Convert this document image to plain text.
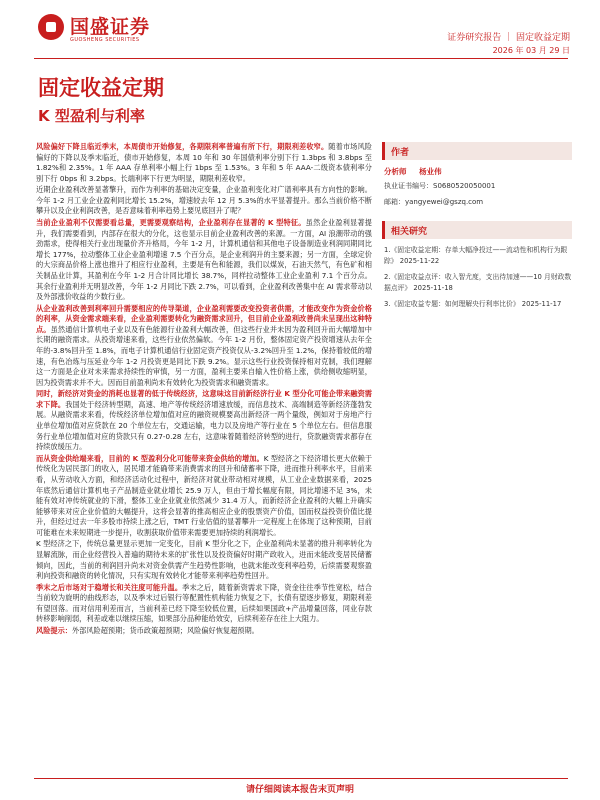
国盛证券
GUOSHENG SECURITIES	证券研究报告 ｜ 固定收益定期
2026 年 03 月 29 日
固定收益定期
K 型盈利与利率

风险偏好下降且临近季末，本周债市开始修复，各期限利率普遍有所下行，期限利差收窄。随着市场风险偏好的下降以及季末临近，债市开始修复，本周 10 年和 30 年国债利率分别下行 1.3bps 和 3.8bps 至 1.82%和 2.35%。1 年 AAA 存单利率小幅上行 1bps 至 1.53%。3 年和 5 年 AAA-二级资本债利率分别下行 0bps 和 3.2bps。长端利率下行更为明显，期限利差收窄。

近期企业盈利改善显著擎升，而作为利率的基础决定变量，企业盈利变化对广谱利率具有方向性的影响。今年 1-2 月工业企业盈利同比增长 15.2%，增速较去年 12 月 5.3%的水平显著提升。那么当前价格不断攀升以及企业利润改善，是否意味着利率趋势上要见底回升了呢？

当前企业盈利不仅需要看总量，更需要观察结构，企业盈利存在显著的 K 型特征。虽然企业盈利显著提升，我们需要看到，内部存在很大的分化，这也显示目前企业盈利改善的来源。一方面，AI 浪潮带动的强劲需求，使得相关行业出现量价齐升格局，今年 1-2 月，计算机通信和其他电子设备制造业利润同期同比增长 177%，拉动整体工业企业盈利增速 7.5 个百分点，是企业利润升的主要来源；另一方面，全球定价的大宗商品价格上涨也推升了相应行业盈利，主要是有色和能源，我们以煤炭，石油天然气，有色矿和相关制品业计算，其盈利在今年 1-2 月合计同比增长 38.7%，同样拉动整体工业企业盈利 7.1 个百分点。其余行业盈利并无明显改善，今年 1-2 月同比下跌 2.7%，可以看到，企业盈利改善集中在 AI 需求带动以及外部涨价收益的少数行业。

从企业盈利改善到利率回升需要相应的传导渠道，企业盈利需要改变投资者供需，才能改变作为资金价格的利率，从资金需求端来看，企业盈利需要转化为融资需求回升，但目前企业盈利改善尚未呈现出这种特点。虽然通信计算机电子业以及有色能源行业盈利大幅改善，但这些行业并未因为盈利回升而大幅增加中长期的融资需求。从投资增速来看，这些行业依然偏软。今年 1-2 月份，整体固定资产投资增速从去年全年的-3.8%回升至 1.8%，而电子计算机通信行业固定资产投资仅从-3.2%回升至 1.2%，保持着较低的增速，有色冶炼与压延业今年 1-2 月投资更是同比下跌 9.2%。显示这些行业投资保持相对克制，我们理解这一方面是企业对未来需求持续性的审慎，另一方面，盈利主要来自输入性价格上涨，供给侧收缩明显，因为投资需求并不大。因而目前盈利尚未有效转化为投资需求和融资需求。

同时，新经济对资金的消耗也显著的低于传统经济，这意味这目前新经济行业 K 型分化可能企带来融资需求下降。我国处于经济转型期，高速、地产等传统经济增速放缓，而信息技术、高端制造等新经济蓬勃发展。从融资需求来看，传统经济单位增加值对应的融资规模要高出新经济一两个量级，例如对于房地产行业单位增加值对应贷款在 20 个单位左右，交通运输，电力以及房地产等行业在 5 个单位左右。但信息服务行业单位增加值对应的贷款只有 0.27-0.28 左右，这意味着随着经济转型的进行，贷款融资需求都存在持续放缓压力。

而从资金供给端来看，目前的 K 型盈利分化可能带来资金供给的增加。K 型经济之下经济增长更大依赖于传统化为居民部门的收入，居民增才能确带来消费需求的回升和储蓄率下降，进而推升利率水平，目前来看，从劳动收入方面，和经济活动化过程中，新经济对就业带动相对规模，从工业企业数据来看，2025 年底然后通信计算机电子产品制造业就业增长 25.9 万人，但由于增长幅度有限，同比增速不足 3%，未能有效对冲传统就业的下滑，整体工业企业就业依然减少 31.4 万人，而新经济企业盈利的大幅上升确实能够带来对应企业价值的大幅提升，这将会显著的推高相应企业的股票资产价值，国而权益投资价值比提升，但经过过去一年多股市持续上涨之后，TMT 行业估值的显著攀升一定程度上在体现了这种预期，目前可能难在未来短期进一步提升，收割获取价值带来需要更加持续的利润增长。

K 型经济之下，传统总量更显示更加一定变化，目前 K 型分化之下，企业盈利尚未显著的推升利率转化为显解流脉，而企业经营投入普遍的期待未来的扩张性以及投资偏好时期产政收入，进而未能改变居民储蓄倾向，因此，当前的利润回升尚未对资金供需产生趋势性影响，也就未能改变利率趋势，后续需要观察盈利向投资和融资的转化情况，只有实现有效转化才能带来利率趋势性回升。

季末之后市场对于稳增长和关注度可能升温。季末之后，随着新资需求下降，资金往往季节性宽松，结合当前较为旋明的曲线形态，以及季末过后银行等配置性机构能力恢复之下，长债有望逐步修复，期限利差有望回落。而对信用利差而言，当前利差已经下降至较低位置，后续如果国政+产品增量回落，同业存款转移影响削弱，利差或难以继续压缩，如果部分品种能给效安，后续利差存在往上大阻力。

风险提示：外部风险超预期；货币政策超预期；风险偏好恢复超预期。

作者
分析师 杨业伟
执业证书编号：S0680520050001
邮箱：yangyewei@gszq.com
相关研究
1.《固定收益定期：存单大幅净投过——流动性和机构行为跟踪》 2025-11-22
2.《固定收益点评：收入智尤度，支出待加速——10 月财政数据点评》 2025-11-18
3.《固定收益专题：如何理解央行利率比价》 2025-11-17
请仔细阅读本报告末页声明
